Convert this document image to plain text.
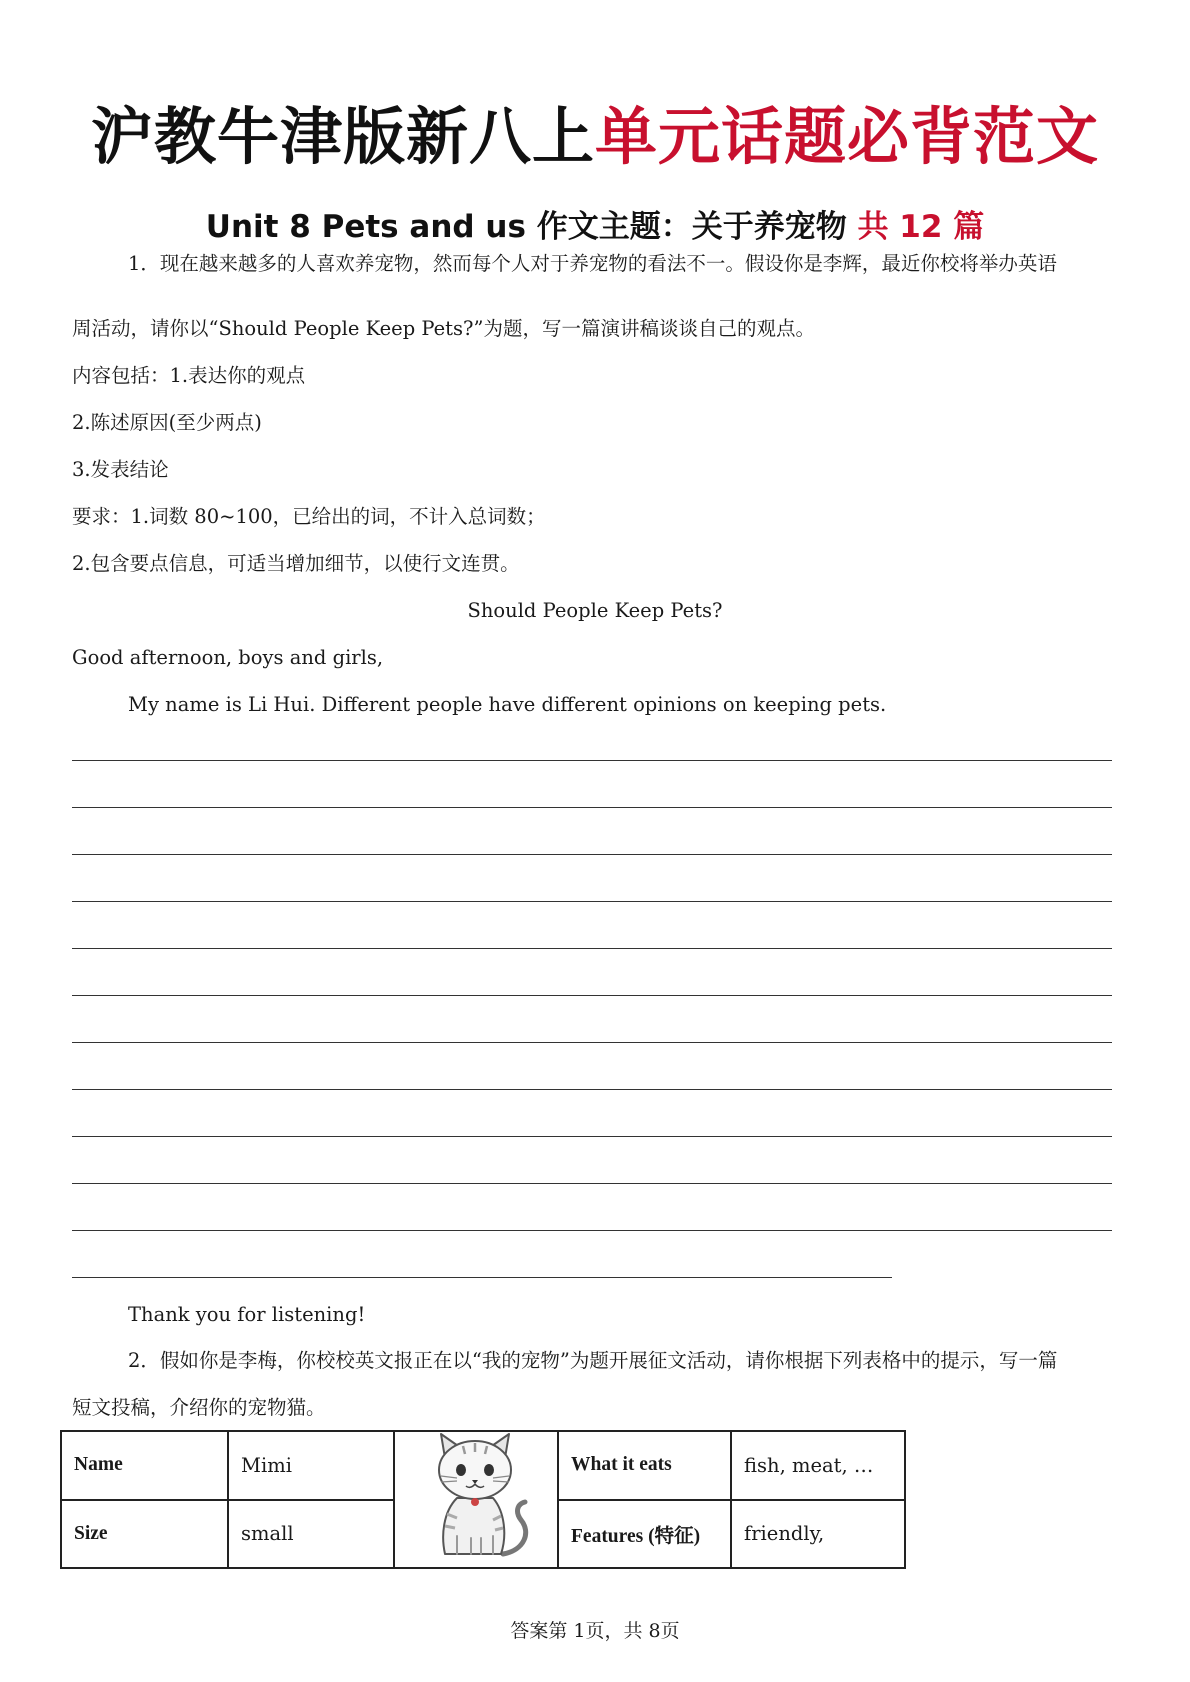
沪教牛津版新八上单元话题必背范文
Unit 8 Pets and us 作文主题：关于养宠物 共 12 篇
1．现在越来越多的人喜欢养宠物，然而每个人对于养宠物的看法不一。假设你是李辉，最近你校将举办英语
周活动，请你以“Should People Keep Pets?”为题，写一篇演讲稿谈谈自己的观点。
内容包括：1.表达你的观点
2.陈述原因(至少两点)
3.发表结论
要求：1.词数 80~100，已给出的词，不计入总词数；
2.包含要点信息，可适当增加细节，以使行文连贯。
Should People Keep Pets?
Good afternoon, boys and girls,
My name is Li Hui. Different people have different opinions on keeping pets.
Thank you for listening!
2．假如你是李梅，你校校英文报正在以“我的宠物”为题开展征文活动，请你根据下列表格中的提示，写一篇
短文投稿，介绍你的宠物猫。
Name	Mimi		What it eats	fish, meat, …
Size	small		Features (特征)	friendly,
答案第 1页，共 8页
